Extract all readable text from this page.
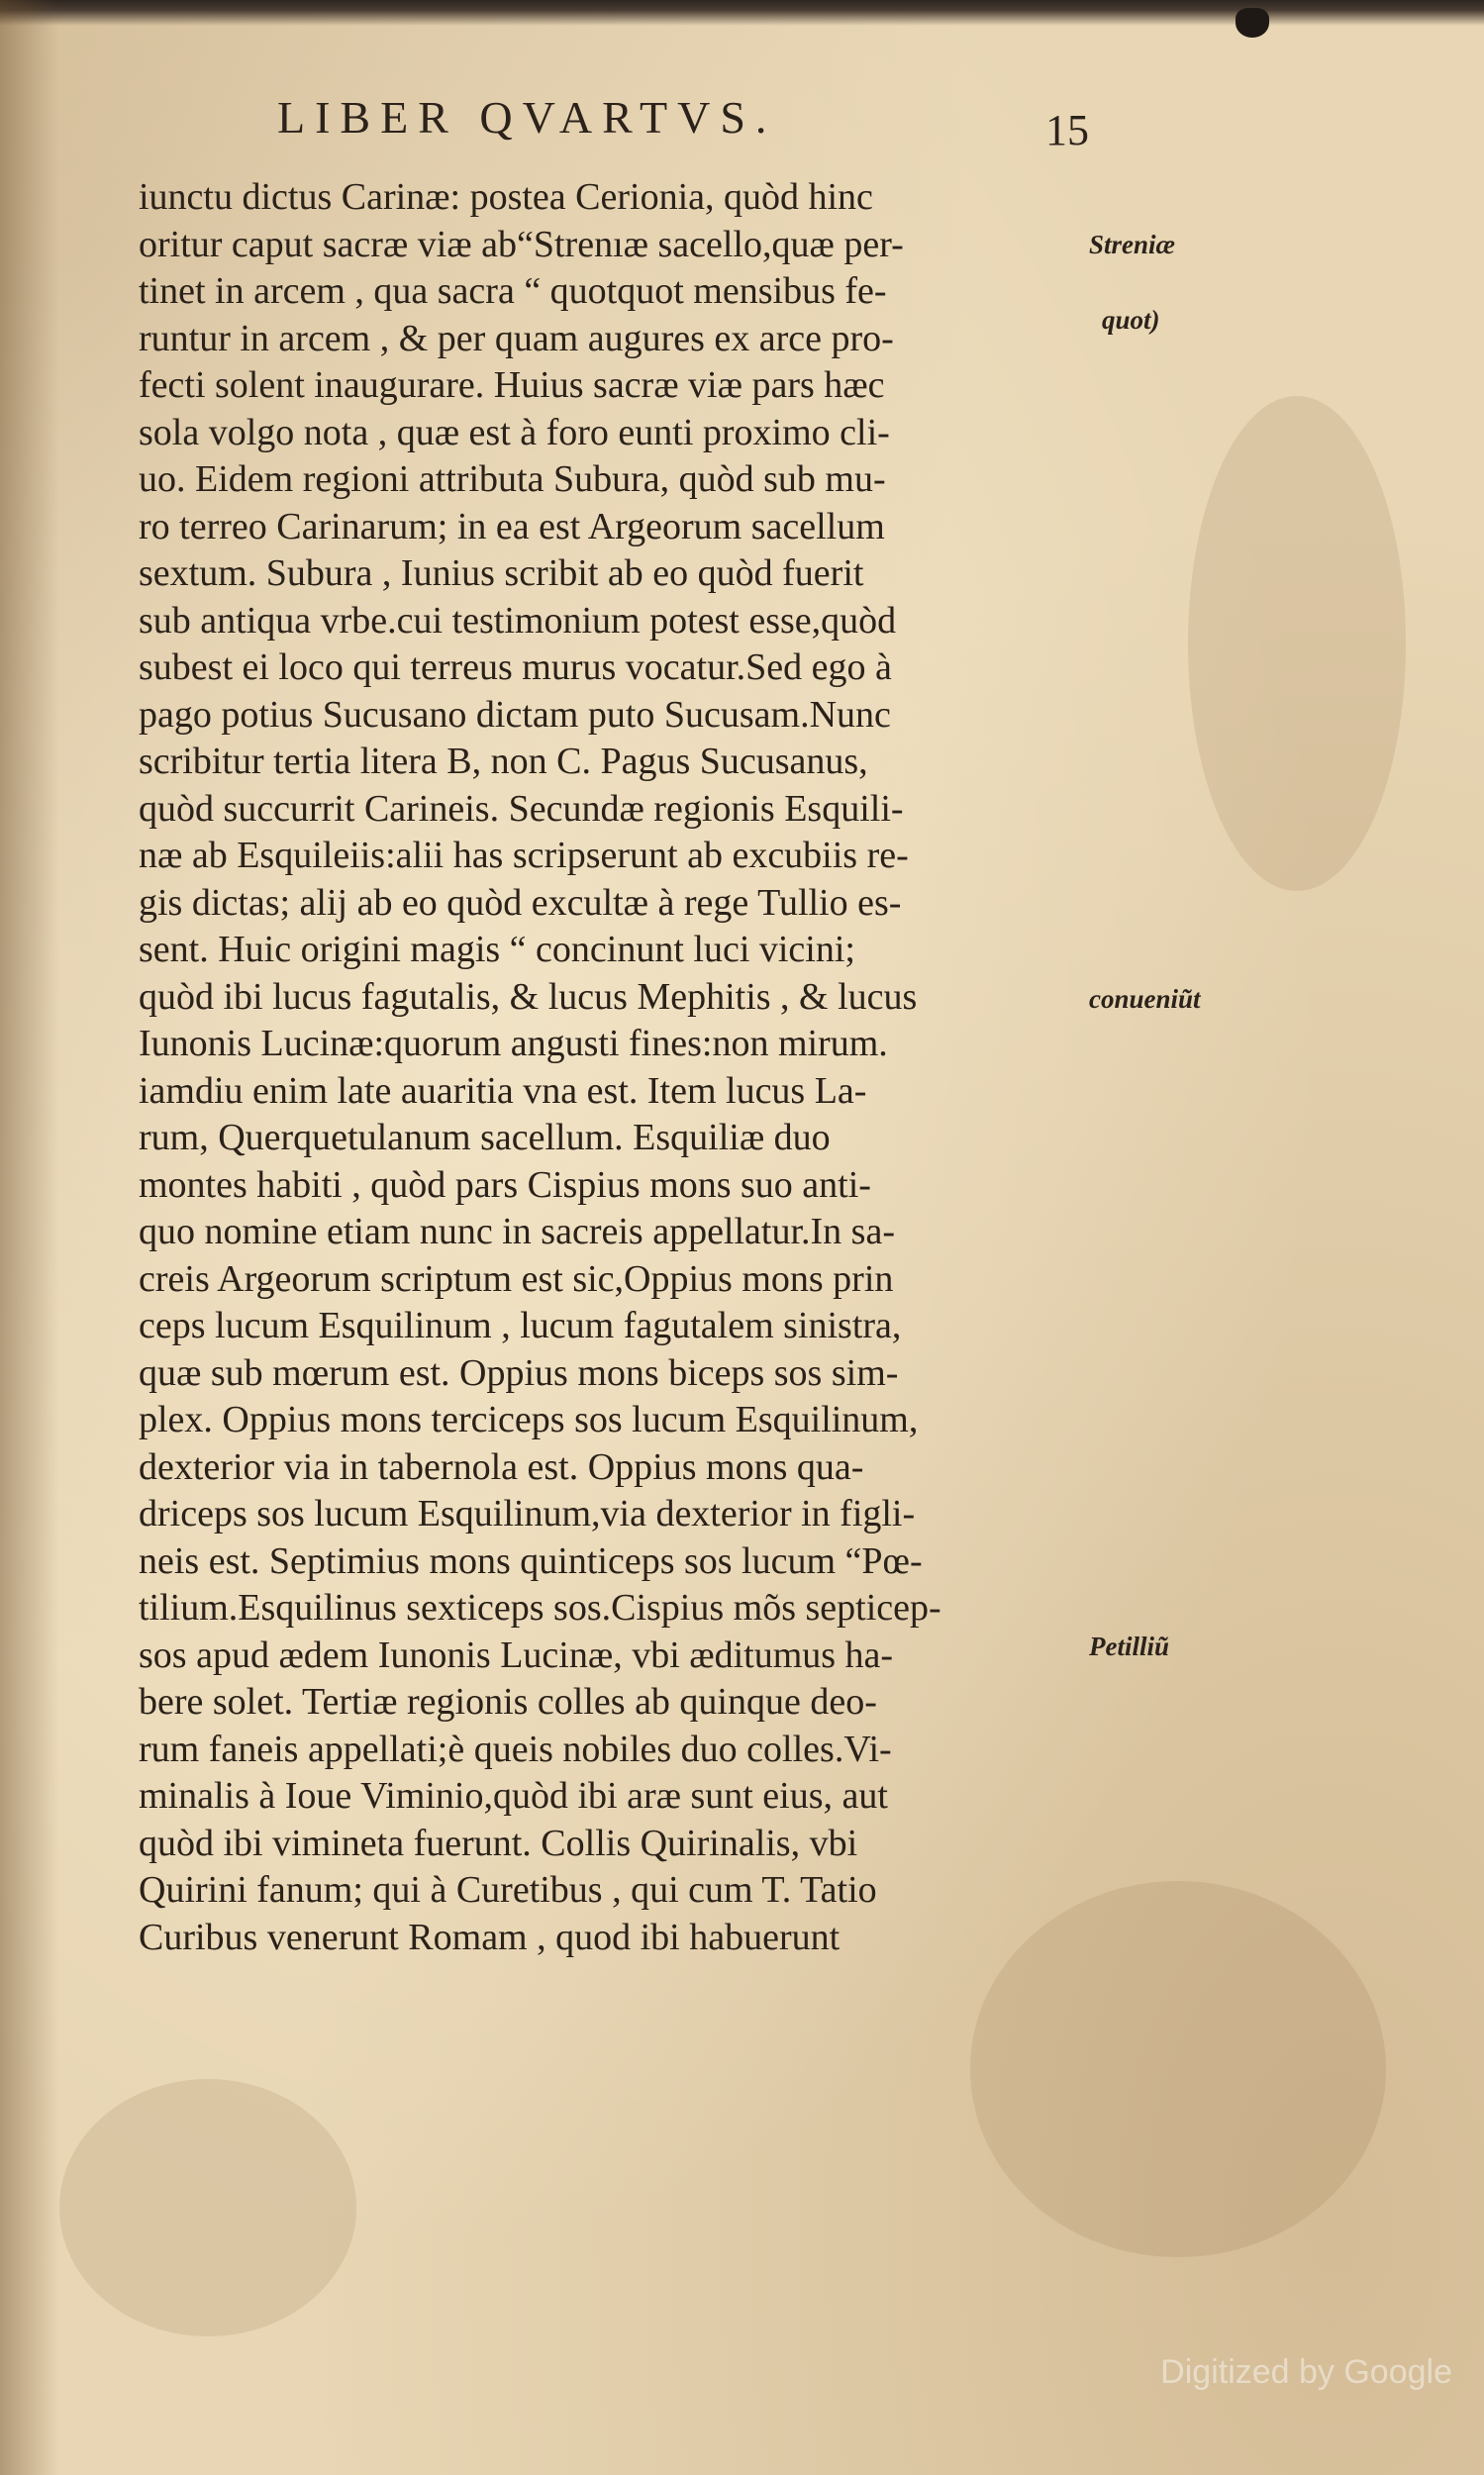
LIBER QVARTVS.	15
iunctu dictus Carinæ: postea Cerionia, quòd hinc
oritur caput sacræ viæ ab“Strenıæ sacello,quæ per-
tinet in arcem , qua sacra “ quotquot mensibus fe-
runtur in arcem , & per quam augures ex arce pro-
fecti solent inaugurare. Huius sacræ viæ pars hæc
sola volgo nota , quæ est à foro eunti proximo cli-
uo. Eidem regioni attributa Subura, quòd sub mu-
ro terreo Carinarum; in ea est Argeorum sacellum
sextum. Subura , Iunius scribit ab eo quòd fuerit
sub antiqua vrbe.cui testimonium potest esse,quòd
subest ei loco qui terreus murus vocatur.Sed ego à
pago potius Sucusano dictam puto Sucusam.Nunc
scribitur tertia litera B, non C. Pagus Sucusanus,
quòd succurrit Carineis. Secundæ regionis Esquili-
næ ab Esquileiis:alii has scripserunt ab excubiis re-
gis dictas; alij ab eo quòd excultæ à rege Tullio es-
sent. Huic origini magis “ concinunt luci vicini;
quòd ibi lucus fagutalis, & lucus Mephitis , & lucus
Iunonis Lucinæ:quorum angusti fines:non mirum.
iamdiu enim late auaritia vna est. Item lucus La-
rum, Querquetulanum sacellum. Esquiliæ duo
montes habiti , quòd pars Cispius mons suo anti-
quo nomine etiam nunc in sacreis appellatur.In sa-
creis Argeorum scriptum est sic,Oppius mons prin
ceps lucum Esquilinum , lucum fagutalem sinistra,
quæ sub mœrum est. Oppius mons biceps sos sim-
plex. Oppius mons terciceps sos lucum Esquilinum,
dexterior via in tabernola est. Oppius mons qua-
driceps sos lucum Esquilinum,via dexterior in figli-
neis est. Septimius mons quinticeps sos lucum “Pœ-
tilium.Esquilinus sexticeps sos.Cispius mõs septicep-
sos apud ædem Iunonis Lucinæ, vbi æditumus ha-
bere solet. Tertiæ regionis colles ab quinque deo-
rum faneis appellati;è queis nobiles duo colles.Vi-
minalis à Ioue Viminio,quòd ibi aræ sunt eius, aut
quòd ibi vimineta fuerunt. Collis Quirinalis, vbi
Quirini fanum; qui à Curetibus , qui cum T. Tatio
Curibus venerunt Romam , quod ibi habuerunt
Streniæ
quot)
conueniũt
Petilliũ
Digitized by Google
